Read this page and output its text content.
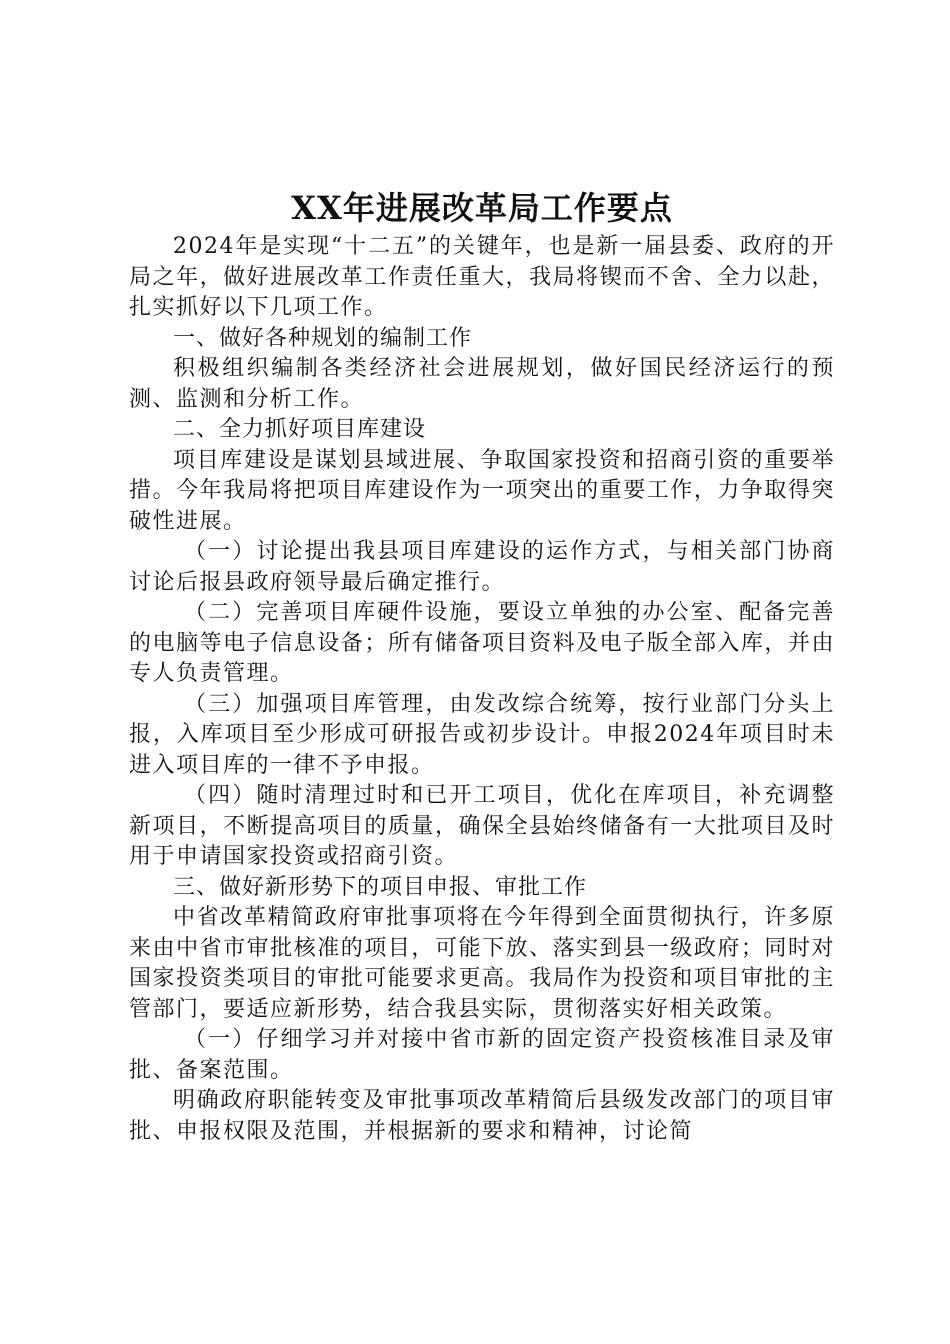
XX年进展改革局工作要点

2024年是实现“十二五”的关键年，也是新一届县委、政府的开局之年，做好进展改革工作责任重大，我局将锲而不舍、全力以赴，扎实抓好以下几项工作。

一、做好各种规划的编制工作

积极组织编制各类经济社会进展规划，做好国民经济运行的预测、监测和分析工作。

二、全力抓好项目库建设

项目库建设是谋划县域进展、争取国家投资和招商引资的重要举措。今年我局将把项目库建设作为一项突出的重要工作，力争取得突破性进展。

（一）讨论提出我县项目库建设的运作方式，与相关部门协商讨论后报县政府领导最后确定推行。

（二）完善项目库硬件设施，要设立单独的办公室、配备完善的电脑等电子信息设备；所有储备项目资料及电子版全部入库，并由专人负责管理。

（三）加强项目库管理，由发改综合统筹，按行业部门分头上报，入库项目至少形成可研报告或初步设计。申报2024年项目时未进入项目库的一律不予申报。

（四）随时清理过时和已开工项目，优化在库项目，补充调整新项目，不断提高项目的质量，确保全县始终储备有一大批项目及时用于申请国家投资或招商引资。

三、做好新形势下的项目申报、审批工作

中省改革精简政府审批事项将在今年得到全面贯彻执行，许多原来由中省市审批核准的项目，可能下放、落实到县一级政府；同时对国家投资类项目的审批可能要求更高。我局作为投资和项目审批的主管部门，要适应新形势，结合我县实际，贯彻落实好相关政策。

（一）仔细学习并对接中省市新的固定资产投资核准目录及审批、备案范围。

明确政府职能转变及审批事项改革精简后县级发改部门的项目审批、申报权限及范围，并根据新的要求和精神，讨论简
